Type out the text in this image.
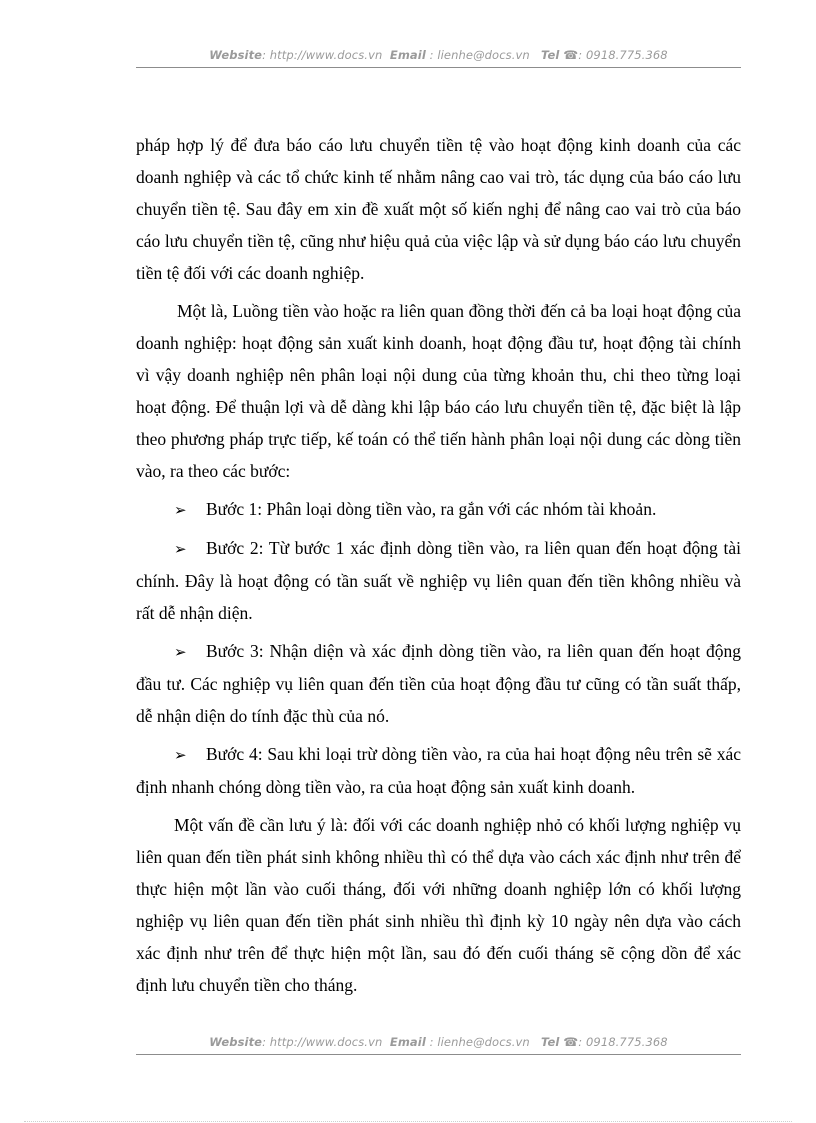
Website: http://www.docs.vn Email : lienhe@docs.vn Tel ☎: 0918.775.368

pháp hợp lý để đưa báo cáo lưu chuyển tiền tệ vào hoạt động kinh doanh của các doanh nghiệp và các tổ chức kinh tế nhằm nâng cao vai trò, tác dụng của báo cáo lưu chuyển tiền tệ. Sau đây em xin đề xuất một số kiến nghị để nâng cao vai trò của báo cáo lưu chuyển tiền tệ, cũng như hiệu quả của việc lập và sử dụng báo cáo lưu chuyển tiền tệ đối với các doanh nghiệp.

Một là, Luồng tiền vào hoặc ra liên quan đồng thời đến cả ba loại hoạt động của doanh nghiệp: hoạt động sản xuất kinh doanh, hoạt động đầu tư, hoạt động tài chính vì vậy doanh nghiệp nên phân loại nội dung của từng khoản thu, chi theo từng loại hoạt động. Để thuận lợi và dễ dàng khi lập báo cáo lưu chuyển tiền tệ, đặc biệt là lập theo phương pháp trực tiếp, kế toán có thể tiến hành phân loại nội dung các dòng tiền vào, ra theo các bước:

➢ Bước 1: Phân loại dòng tiền vào, ra gắn với các nhóm tài khoản.

➢ Bước 2: Từ bước 1 xác định dòng tiền vào, ra liên quan đến hoạt động tài chính. Đây là hoạt động có tần suất về nghiệp vụ liên quan đến tiền không nhiều và rất dễ nhận diện.

➢ Bước 3: Nhận diện và xác định dòng tiền vào, ra liên quan đến hoạt động đầu tư. Các nghiệp vụ liên quan đến tiền của hoạt động đầu tư cũng có tần suất thấp, dễ nhận diện do tính đặc thù của nó.

➢ Bước 4: Sau khi loại trừ dòng tiền vào, ra của hai hoạt động nêu trên sẽ xác định nhanh chóng dòng tiền vào, ra của hoạt động sản xuất kinh doanh.

Một vấn đề cần lưu ý là: đối với các doanh nghiệp nhỏ có khối lượng nghiệp vụ liên quan đến tiền phát sinh không nhiều thì có thể dựa vào cách xác định như trên để thực hiện một lần vào cuối tháng, đối với những doanh nghiệp lớn có khối lượng nghiệp vụ liên quan đến tiền phát sinh nhiều thì định kỳ 10 ngày nên dựa vào cách xác định như trên để thực hiện một lần, sau đó đến cuối tháng sẽ cộng dồn để xác định lưu chuyển tiền cho tháng.

Website: http://www.docs.vn Email : lienhe@docs.vn Tel ☎: 0918.775.368
